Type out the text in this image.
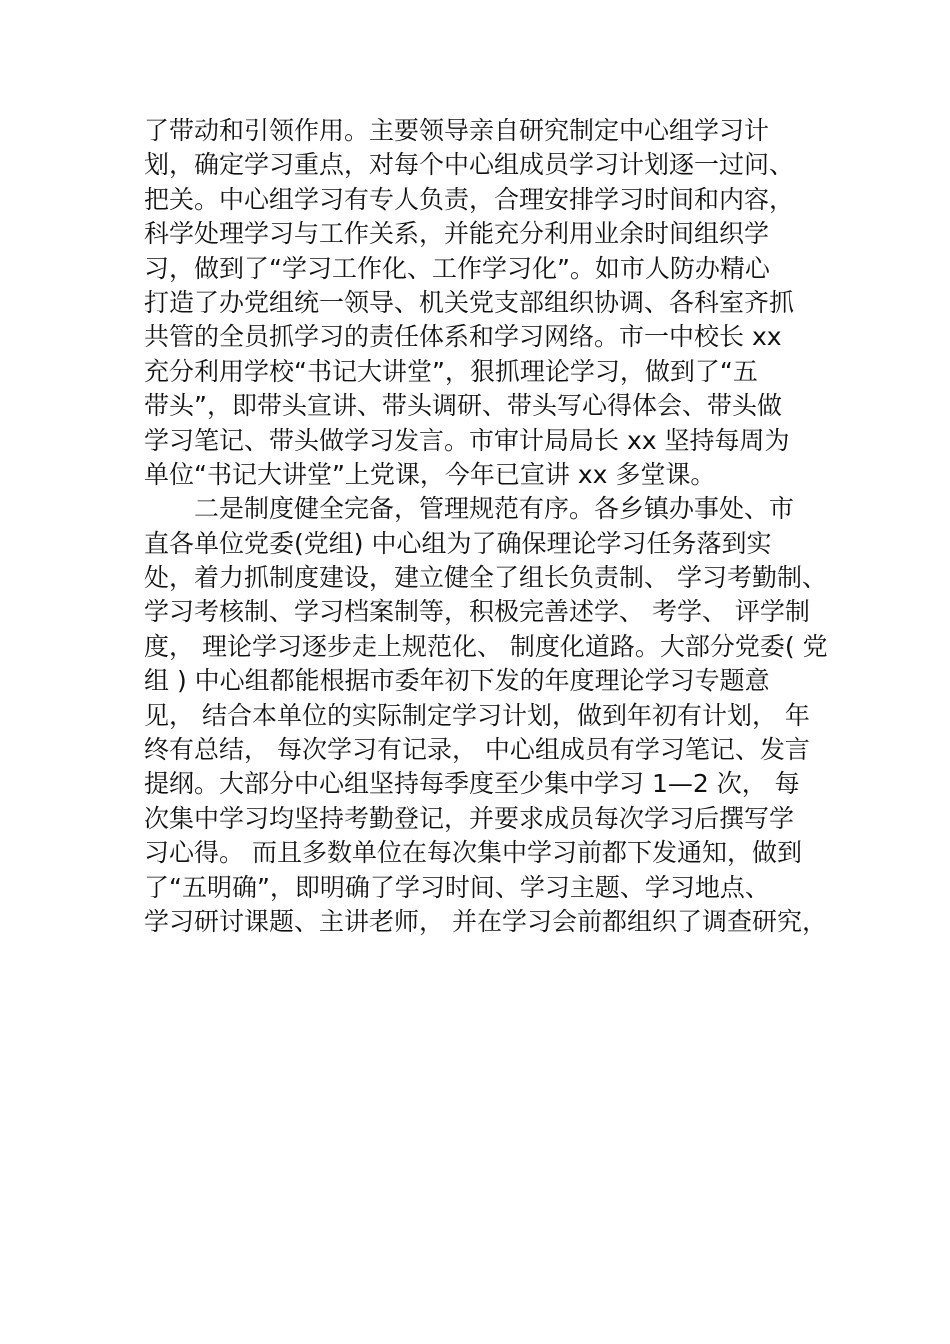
了带动和引领作用。主要领导亲自研究制定中心组学习计
划，确定学习重点，对每个中心组成员学习计划逐一过问、
把关。中心组学习有专人负责，合理安排学习时间和内容，
科学处理学习与工作关系，并能充分利用业余时间组织学
习，做到了“学习工作化、工作学习化”。如市人防办精心
打造了办党组统一领导、机关党支部组织协调、各科室齐抓
共管的全员抓学习的责任体系和学习网络。市一中校长 xx
充分利用学校“书记大讲堂”，狠抓理论学习，做到了“五
带头”，即带头宣讲、带头调研、带头写心得体会、带头做
学习笔记、带头做学习发言。市审计局局长 xx 坚持每周为
单位“书记大讲堂”上党课，今年已宣讲 xx 多堂课。
　　二是制度健全完备，管理规范有序。各乡镇办事处、市
直各单位党委(党组) 中心组为了确保理论学习任务落到实
处，着力抓制度建设，建立健全了组长负责制、 学习考勤制、
学习考核制、学习档案制等，积极完善述学、 考学、 评学制
度， 理论学习逐步走上规范化、 制度化道路。大部分党委( 党
组 ) 中心组都能根据市委年初下发的年度理论学习专题意
见， 结合本单位的实际制定学习计划，做到年初有计划， 年
终有总结， 每次学习有记录， 中心组成员有学习笔记、发言
提纲。大部分中心组坚持每季度至少集中学习 1—2 次， 每
次集中学习均坚持考勤登记，并要求成员每次学习后撰写学
习心得。 而且多数单位在每次集中学习前都下发通知，做到
了“五明确”，即明确了学习时间、学习主题、学习地点、
学习研讨课题、主讲老师， 并在学习会前都组织了调查研究，
